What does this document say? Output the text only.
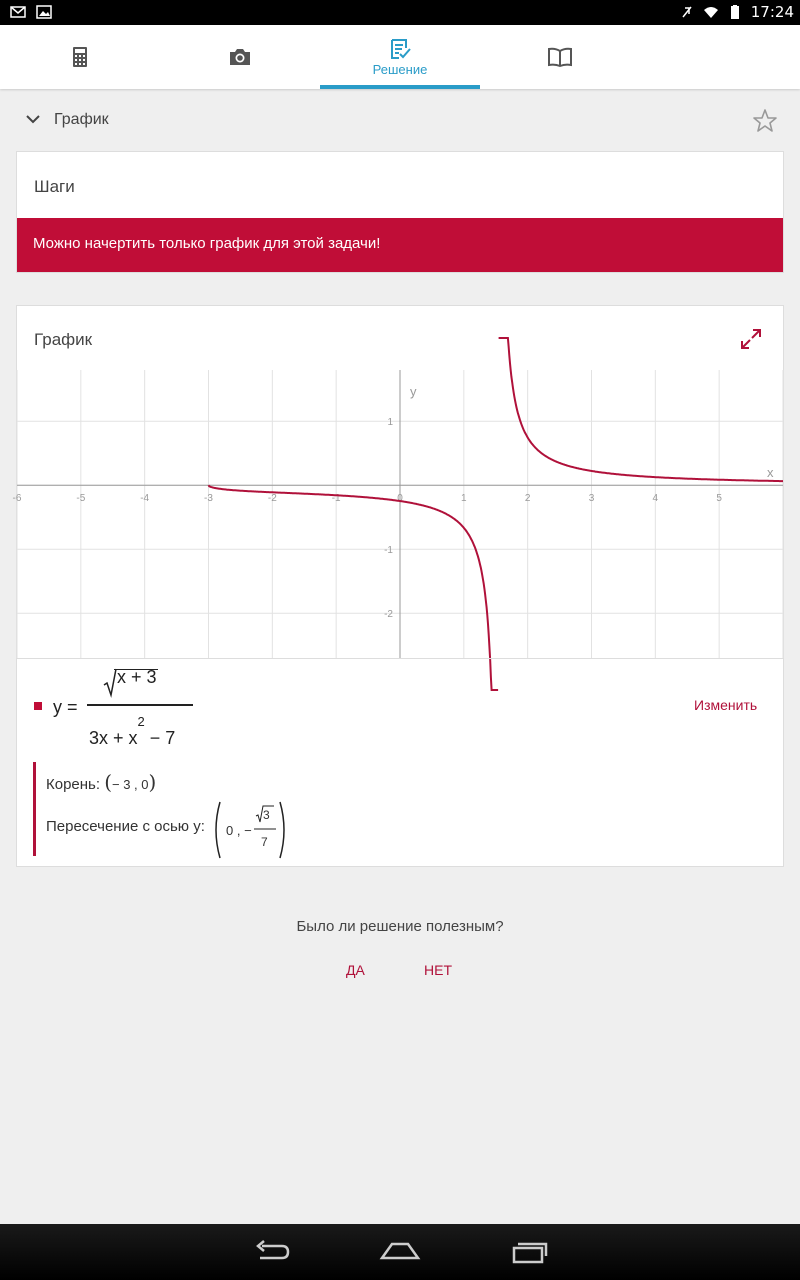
17:24
Решение
График
Шаги
Можно начертить только график для этой задачи!
График
x
y
-6	-5	-4	-3	-2	-1	0	1	2	3	4	5
1
-1
-2
y =
x + 3
$3x + x^2 - 7$
Изменить
Корень: (− 3 , 0)
Пересечение с осью y: 0 , −
3
7
Было ли решение полезным?
ДА	НЕТ
